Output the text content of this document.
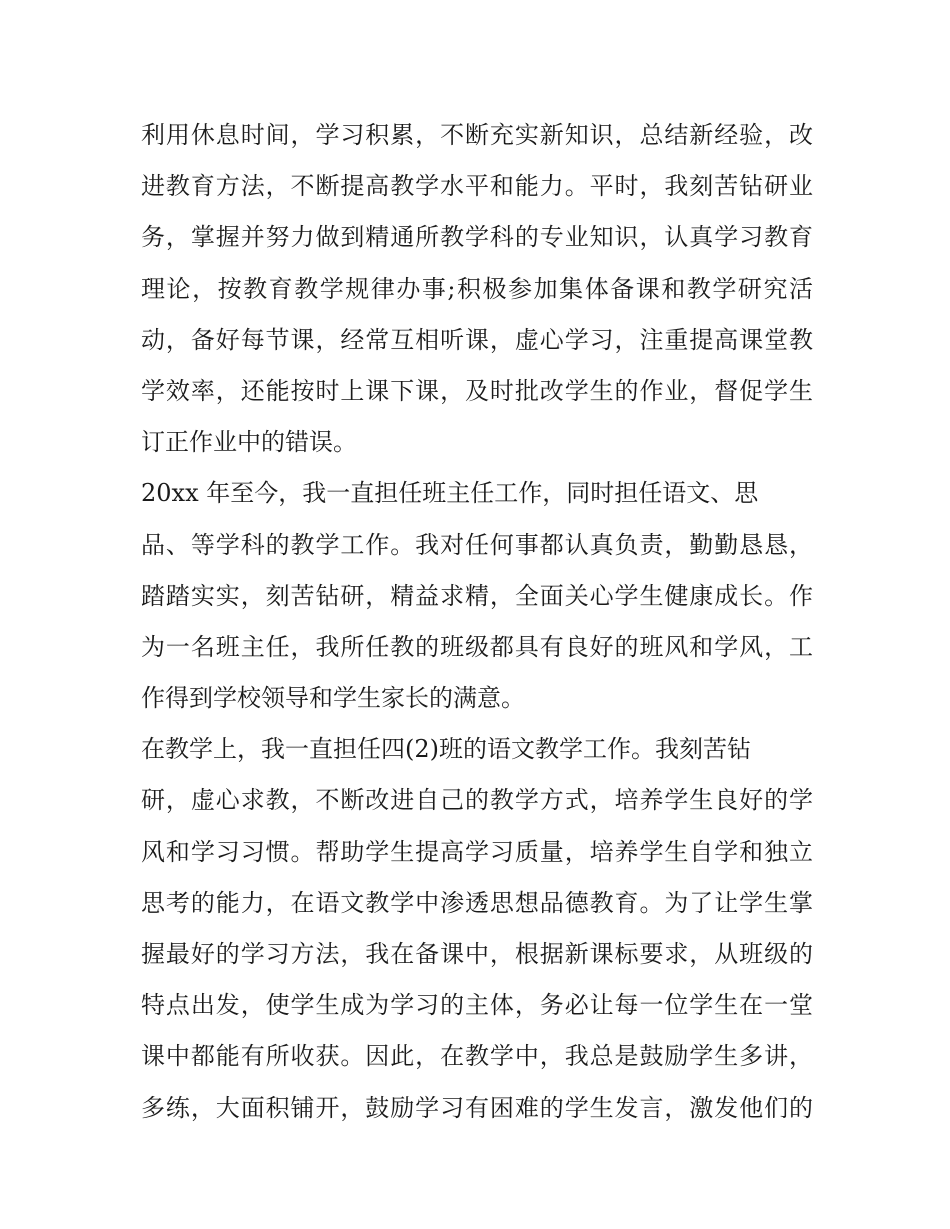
利用休息时间，学习积累，不断充实新知识，总结新经验，改
进教育方法，不断提高教学水平和能力。平时，我刻苦钻研业
务，掌握并努力做到精通所教学科的专业知识，认真学习教育
理论，按教育教学规律办事;积极参加集体备课和教学研究活
动，备好每节课，经常互相听课，虚心学习，注重提高课堂教
学效率，还能按时上课下课，及时批改学生的作业，督促学生
订正作业中的错误。
20xx 年至今，我一直担任班主任工作，同时担任语文、思
品、等学科的教学工作。我对任何事都认真负责，勤勤恳恳，
踏踏实实，刻苦钻研，精益求精，全面关心学生健康成长。作
为一名班主任，我所任教的班级都具有良好的班风和学风，工
作得到学校领导和学生家长的满意。
在教学上，我一直担任四(2)班的语文教学工作。我刻苦钻
研，虚心求教，不断改进自己的教学方式，培养学生良好的学
风和学习习惯。帮助学生提高学习质量，培养学生自学和独立
思考的能力，在语文教学中渗透思想品德教育。为了让学生掌
握最好的学习方法，我在备课中，根据新课标要求，从班级的
特点出发，使学生成为学习的主体，务必让每一位学生在一堂
课中都能有所收获。因此，在教学中，我总是鼓励学生多讲，
多练，大面积铺开，鼓励学习有困难的学生发言，激发他们的
